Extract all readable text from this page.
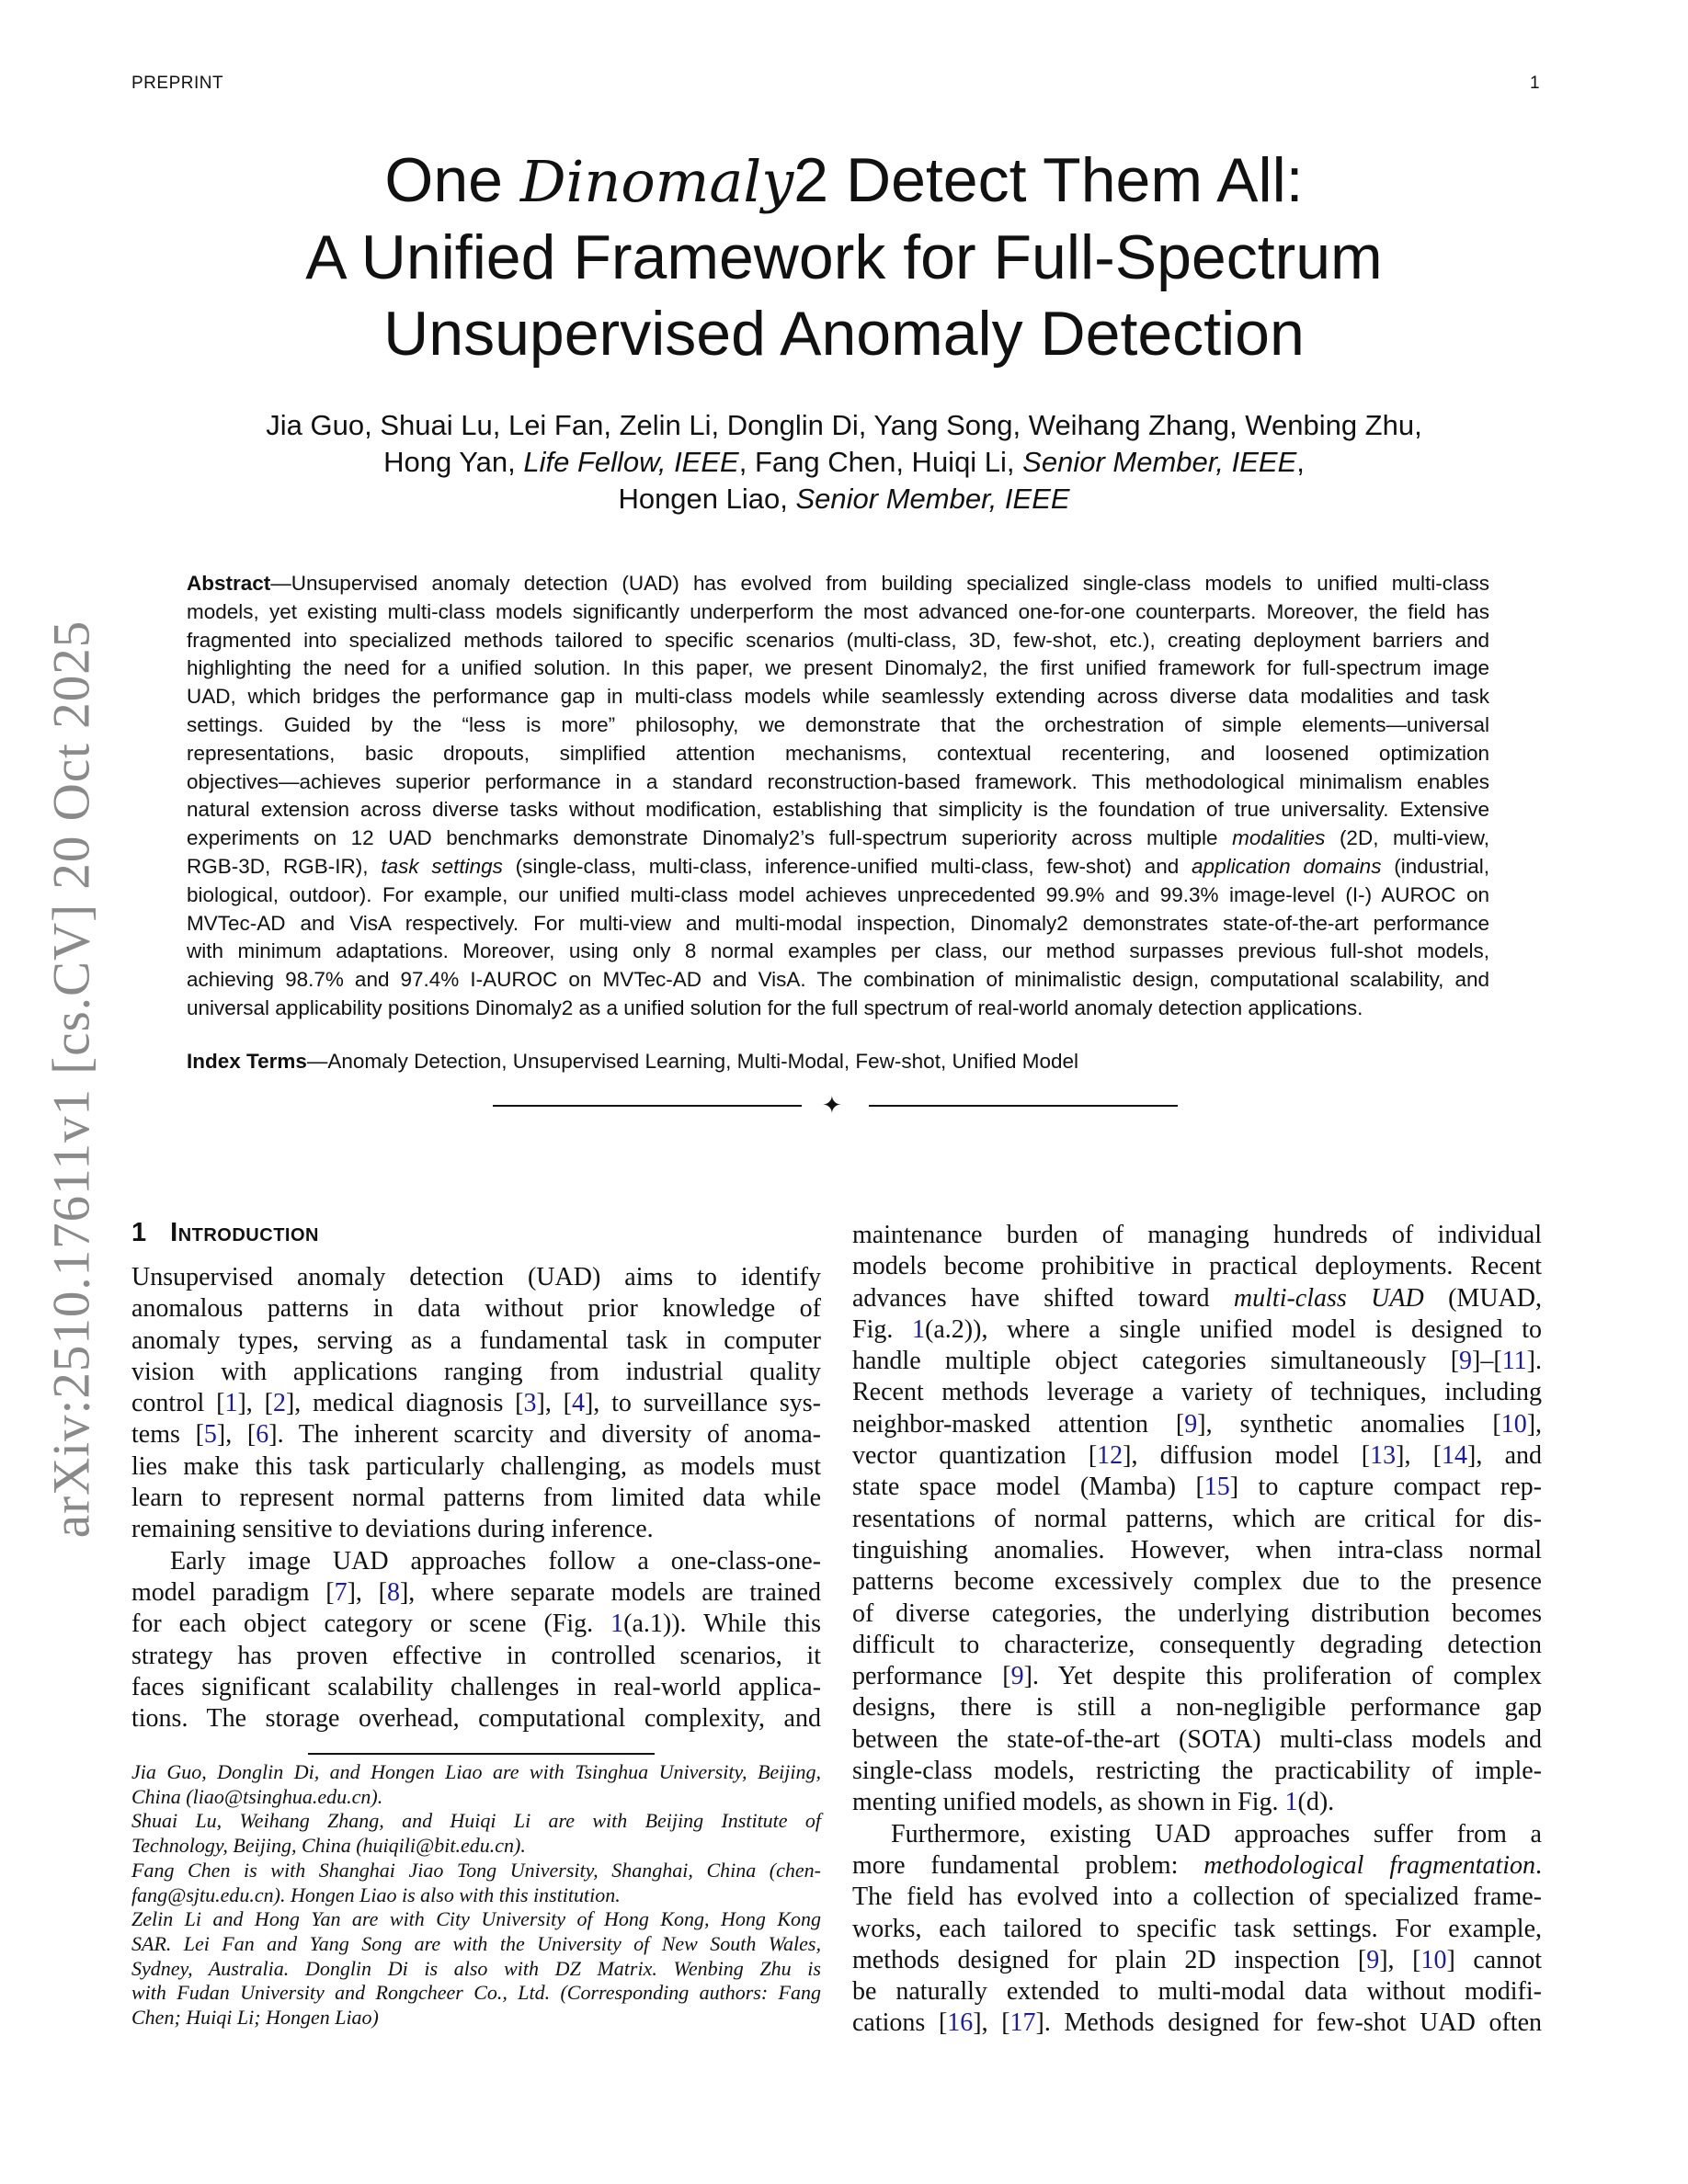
PREPRINT	1
arXiv:2510.17611v1 [cs.CV] 20 Oct 2025
One Dinomaly2 Detect Them All:
A Unified Framework for Full-Spectrum
Unsupervised Anomaly Detection
Jia Guo, Shuai Lu, Lei Fan, Zelin Li, Donglin Di, Yang Song, Weihang Zhang, Wenbing Zhu,
Hong Yan, Life Fellow, IEEE, Fang Chen, Huiqi Li, Senior Member, IEEE,
Hongen Liao, Senior Member, IEEE
Abstract—Unsupervised anomaly detection (UAD) has evolved from building specialized single-class models to unified multi-class
models, yet existing multi-class models significantly underperform the most advanced one-for-one counterparts. Moreover, the field has
fragmented into specialized methods tailored to specific scenarios (multi-class, 3D, few-shot, etc.), creating deployment barriers and
highlighting the need for a unified solution. In this paper, we present Dinomaly2, the first unified framework for full-spectrum image
UAD, which bridges the performance gap in multi-class models while seamlessly extending across diverse data modalities and task
settings. Guided by the “less is more” philosophy, we demonstrate that the orchestration of simple elements—universal
representations, basic dropouts, simplified attention mechanisms, contextual recentering, and loosened optimization
objectives—achieves superior performance in a standard reconstruction-based framework. This methodological minimalism enables
natural extension across diverse tasks without modification, establishing that simplicity is the foundation of true universality. Extensive
experiments on 12 UAD benchmarks demonstrate Dinomaly2’s full-spectrum superiority across multiple modalities (2D, multi-view,
RGB-3D, RGB-IR), task settings (single-class, multi-class, inference-unified multi-class, few-shot) and application domains (industrial,
biological, outdoor). For example, our unified multi-class model achieves unprecedented 99.9% and 99.3% image-level (I-) AUROC on
MVTec-AD and VisA respectively. For multi-view and multi-modal inspection, Dinomaly2 demonstrates state-of-the-art performance
with minimum adaptations. Moreover, using only 8 normal examples per class, our method surpasses previous full-shot models,
achieving 98.7% and 97.4% I-AUROC on MVTec-AD and VisA. The combination of minimalistic design, computational scalability, and
universal applicability positions Dinomaly2 as a unified solution for the full spectrum of real-world anomaly detection applications.
Index Terms—Anomaly Detection, Unsupervised Learning, Multi-Modal, Few-shot, Unified Model
✦
1 Introduction
Unsupervised anomaly detection (UAD) aims to identify
anomalous patterns in data without prior knowledge of
anomaly types, serving as a fundamental task in computer
vision with applications ranging from industrial quality
control [1], [2], medical diagnosis [3], [4], to surveillance sys-
tems [5], [6]. The inherent scarcity and diversity of anoma-
lies make this task particularly challenging, as models must
learn to represent normal patterns from limited data while
remaining sensitive to deviations during inference.
Early image UAD approaches follow a one-class-one-
model paradigm [7], [8], where separate models are trained
for each object category or scene (Fig. 1(a.1)). While this
strategy has proven effective in controlled scenarios, it
faces significant scalability challenges in real-world applica-
tions. The storage overhead, computational complexity, and
maintenance burden of managing hundreds of individual
models become prohibitive in practical deployments. Recent
advances have shifted toward multi-class UAD (MUAD,
Fig. 1(a.2)), where a single unified model is designed to
handle multiple object categories simultaneously [9]–[11].
Recent methods leverage a variety of techniques, including
neighbor-masked attention [9], synthetic anomalies [10],
vector quantization [12], diffusion model [13], [14], and
state space model (Mamba) [15] to capture compact rep-
resentations of normal patterns, which are critical for dis-
tinguishing anomalies. However, when intra-class normal
patterns become excessively complex due to the presence
of diverse categories, the underlying distribution becomes
difficult to characterize, consequently degrading detection
performance [9]. Yet despite this proliferation of complex
designs, there is still a non-negligible performance gap
between the state-of-the-art (SOTA) multi-class models and
single-class models, restricting the practicability of imple-
menting unified models, as shown in Fig. 1(d).
Furthermore, existing UAD approaches suffer from a
more fundamental problem: methodological fragmentation.
The field has evolved into a collection of specialized frame-
works, each tailored to specific task settings. For example,
methods designed for plain 2D inspection [9], [10] cannot
be naturally extended to multi-modal data without modifi-
cations [16], [17]. Methods designed for few-shot UAD often
Jia Guo, Donglin Di, and Hongen Liao are with Tsinghua University, Beijing,
China (liao@tsinghua.edu.cn).
Shuai Lu, Weihang Zhang, and Huiqi Li are with Beijing Institute of
Technology, Beijing, China (huiqili@bit.edu.cn).
Fang Chen is with Shanghai Jiao Tong University, Shanghai, China (chen-
fang@sjtu.edu.cn). Hongen Liao is also with this institution.
Zelin Li and Hong Yan are with City University of Hong Kong, Hong Kong
SAR. Lei Fan and Yang Song are with the University of New South Wales,
Sydney, Australia. Donglin Di is also with DZ Matrix. Wenbing Zhu is
with Fudan University and Rongcheer Co., Ltd. (Corresponding authors: Fang
Chen; Huiqi Li; Hongen Liao)
